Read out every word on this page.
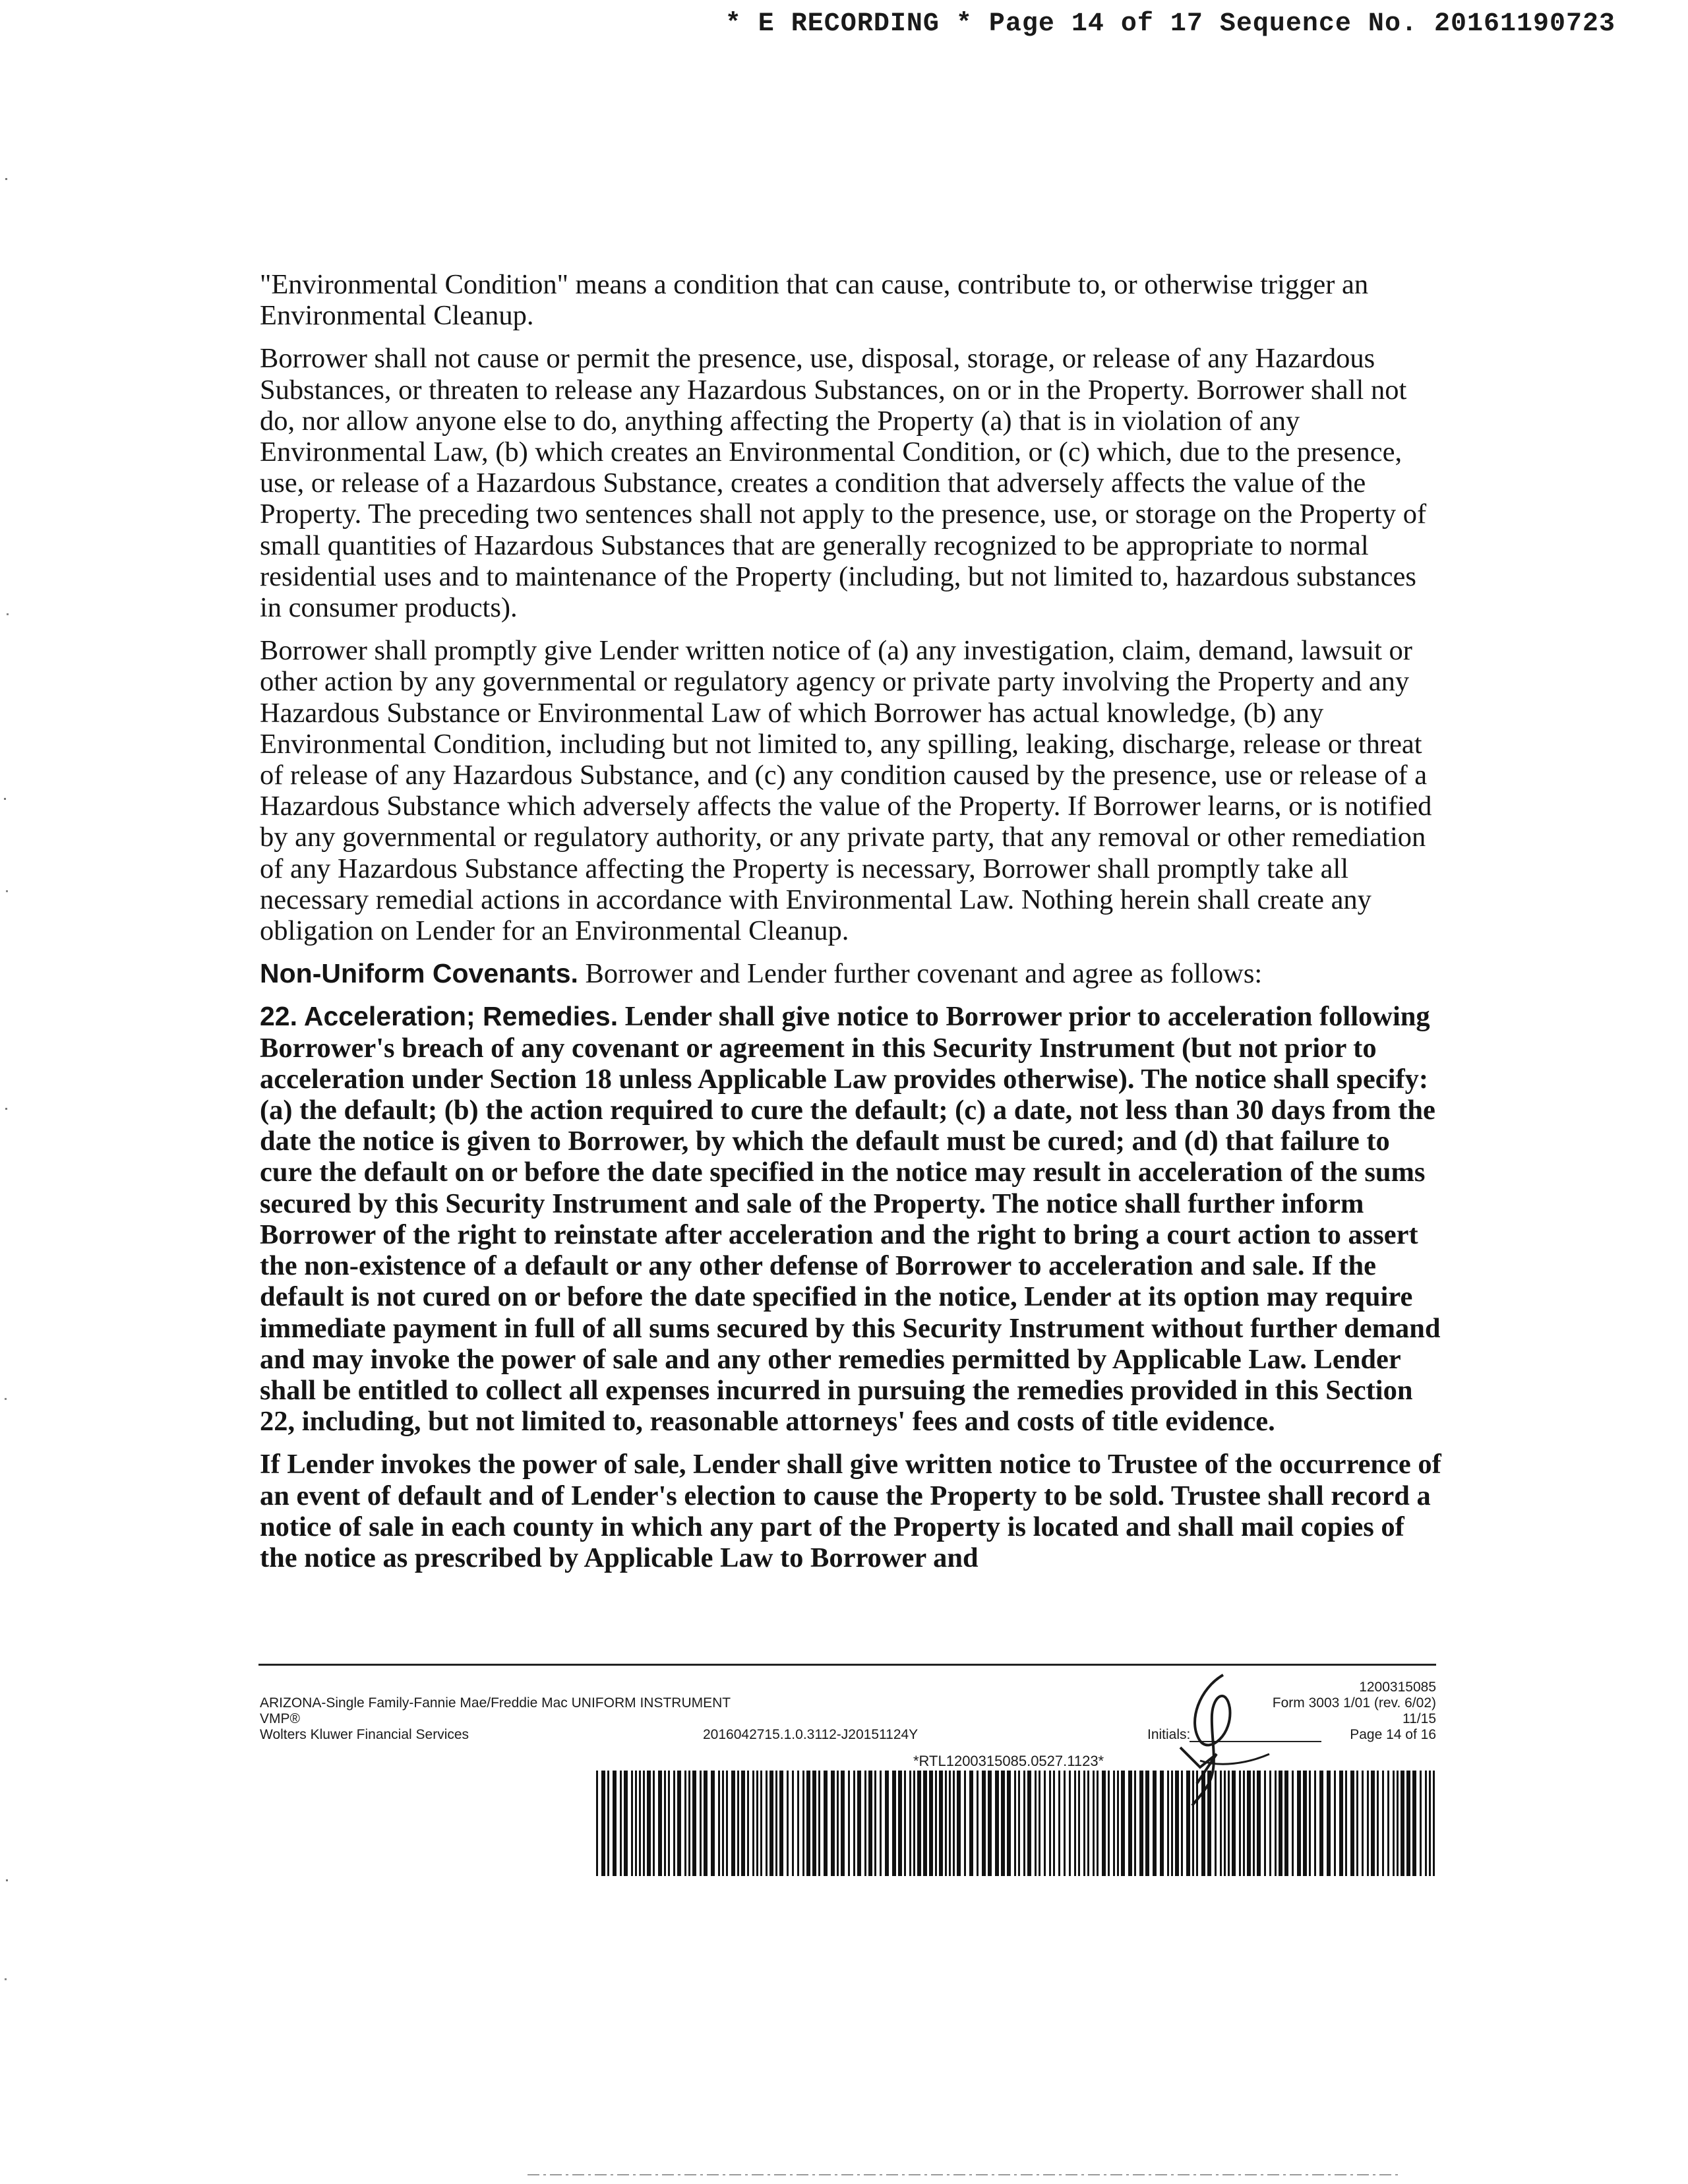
* E RECORDING * Page 14 of 17 Sequence No. 20161190723

"Environmental Condition" means a condition that can cause, contribute to, or otherwise trigger an Environmental Cleanup.

Borrower shall not cause or permit the presence, use, disposal, storage, or release of any Hazardous Substances, or threaten to release any Hazardous Substances, on or in the Property. Borrower shall not do, nor allow anyone else to do, anything affecting the Property (a) that is in violation of any Environmental Law, (b) which creates an Environmental Condition, or (c) which, due to the presence, use, or release of a Hazardous Substance, creates a condition that adversely affects the value of the Property. The preceding two sentences shall not apply to the presence, use, or storage on the Property of small quantities of Hazardous Substances that are generally recognized to be appropriate to normal residential uses and to maintenance of the Property (including, but not limited to, hazardous substances in consumer products).

Borrower shall promptly give Lender written notice of (a) any investigation, claim, demand, lawsuit or other action by any governmental or regulatory agency or private party involving the Property and any Hazardous Substance or Environmental Law of which Borrower has actual knowledge, (b) any Environmental Condition, including but not limited to, any spilling, leaking, discharge, release or threat of release of any Hazardous Substance, and (c) any condition caused by the presence, use or release of a Hazardous Substance which adversely affects the value of the Property. If Borrower learns, or is notified by any governmental or regulatory authority, or any private party, that any removal or other remediation of any Hazardous Substance affecting the Property is necessary, Borrower shall promptly take all necessary remedial actions in accordance with Environmental Law. Nothing herein shall create any obligation on Lender for an Environmental Cleanup.

Non-Uniform Covenants. Borrower and Lender further covenant and agree as follows:

22. Acceleration; Remedies. Lender shall give notice to Borrower prior to acceleration following Borrower's breach of any covenant or agreement in this Security Instrument (but not prior to acceleration under Section 18 unless Applicable Law provides otherwise). The notice shall specify: (a) the default; (b) the action required to cure the default; (c) a date, not less than 30 days from the date the notice is given to Borrower, by which the default must be cured; and (d) that failure to cure the default on or before the date specified in the notice may result in acceleration of the sums secured by this Security Instrument and sale of the Property. The notice shall further inform Borrower of the right to reinstate after acceleration and the right to bring a court action to assert the non-existence of a default or any other defense of Borrower to acceleration and sale. If the default is not cured on or before the date specified in the notice, Lender at its option may require immediate payment in full of all sums secured by this Security Instrument without further demand and may invoke the power of sale and any other remedies permitted by Applicable Law. Lender shall be entitled to collect all expenses incurred in pursuing the remedies provided in this Section 22, including, but not limited to, reasonable attorneys' fees and costs of title evidence.

If Lender invokes the power of sale, Lender shall give written notice to Trustee of the occurrence of an event of default and of Lender's election to cause the Property to be sold. Trustee shall record a notice of sale in each county in which any part of the Property is located and shall mail copies of the notice as prescribed by Applicable Law to Borrower and

ARIZONA-Single Family-Fannie Mae/Freddie Mac UNIFORM INSTRUMENT
VMP®
Wolters Kluwer Financial Services	2016042715.1.0.3112-J20151124Y	Initials:
1200315085
Form 3003 1/01 (rev. 6/02)
11/15
Page 14 of 16
*RTL1200315085.0527.1123*
